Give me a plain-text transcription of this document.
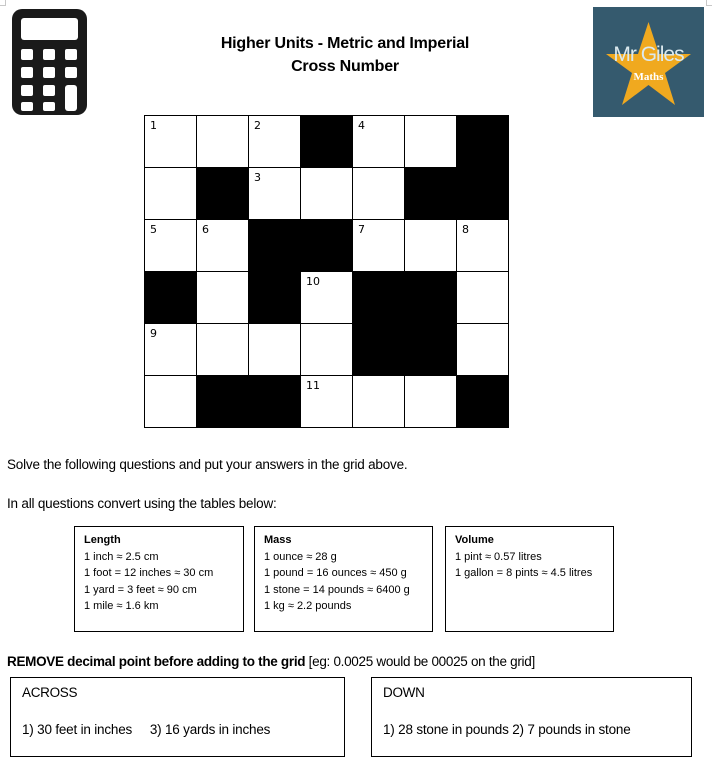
Higher Units - Metric and Imperial
Cross Number
Mr Giles
Maths
1		2		4		

		3				

5	6			7		8

			10			

9						

			11			

Solve the following questions and put your answers in the grid above.
In all questions convert using the tables below:
Length
1 inch ≈ 2.5 cm
1 foot = 12 inches ≈ 30 cm
1 yard = 3 feet ≈ 90 cm
1 mile ≈ 1.6 km
Mass
1 ounce ≈ 28 g
1 pound = 16 ounces ≈ 450 g
1 stone = 14 pounds ≈ 6400 g
1 kg ≈ 2.2 pounds
Volume
1 pint ≈ 0.57 litres
1 gallon = 8 pints ≈ 4.5 litres
REMOVE decimal point before adding to the grid [eg: 0.0025 would be 00025 on the grid]
ACROSS
1) 30 feet in inches     3) 16 yards in inches
DOWN
1) 28 stone in pounds 2) 7 pounds in stone
